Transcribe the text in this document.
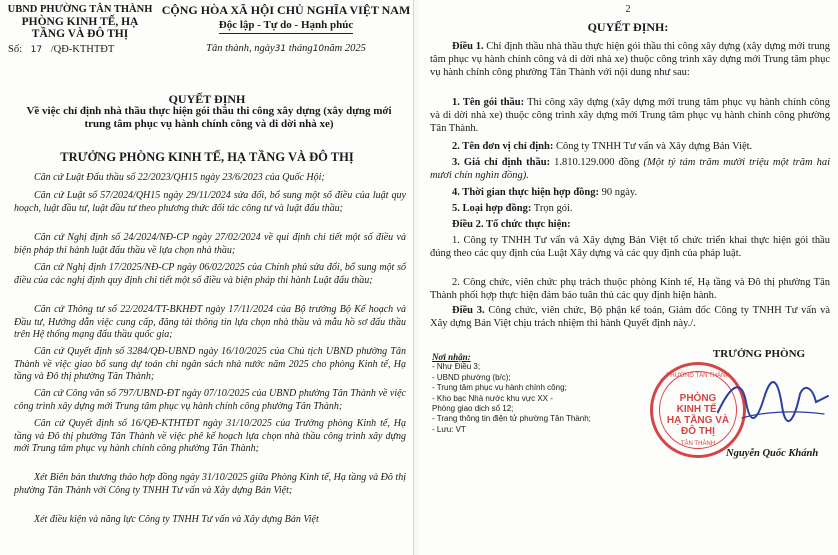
UBND PHƯỜNG TÂN THÀNH
PHÒNG KINH TẾ, HẠ
TẦNG VÀ ĐÔ THỊ
Số: 17 /QĐ-KTHTĐT
CỘNG HÒA XÃ HỘI CHỦ NGHĨA VIỆT NAM
Độc lập - Tự do - Hạnh phúc
Tân thành, ngày31 tháng10năm 2025
QUYẾT ĐỊNH
Về việc chỉ định nhà thầu thực hiện gói thầu thi công xây dựng (xây dựng mới trung tâm phục vụ hành chính công và di dời nhà xe)
TRƯỞNG PHÒNG KINH TẾ, HẠ TẦNG VÀ ĐÔ THỊ
Căn cứ Luật Đấu thầu số 22/2023/QH15 ngày 23/6/2023 của Quốc Hội;
Căn cứ Luật số 57/2024/QH15 ngày 29/11/2024 sửa đổi, bổ sung một số điều của luật quy hoạch, luật đầu tư, luật đầu tư theo phương thức đối tác công tư và luật đấu thầu;
Căn cứ Nghị định số 24/2024/NĐ-CP ngày 27/02/2024 về qui định chi tiết một số điều và biện pháp thi hành luật đấu thầu về lựa chọn nhà thầu;
Căn cứ Nghị định 17/2025/NĐ-CP ngày 06/02/2025 của Chính phủ sửa đổi, bổ sung một số điều của các nghị định quy định chi tiết một số điều và biện pháp thi hành Luật đấu thầu;
Căn cứ Thông tư số 22/2024/TT-BKHĐT ngày 17/11/2024 của Bộ trưởng Bộ Kế hoạch và Đầu tư, Hướng dẫn việc cung cấp, đăng tải thông tin lựa chọn nhà thầu và mẫu hồ sơ đấu thầu trên Hệ thống mạng đấu thầu quốc gia;
Căn cứ Quyết định số 3284/QĐ-UBND ngày 16/10/2025 của Chủ tịch UBND phường Tân Thành về việc giao bổ sung dự toán chi ngân sách nhà nước năm 2025 cho phòng Kinh tế, Hạ tầng và Đô thị phường Tân Thành;
Căn cứ Công văn số 797/UBND-ĐT ngày 07/10/2025 của UBND phường Tân Thành về việc công trình xây dựng mới Trung tâm phục vụ hành chính công phường Tân Thành;
Căn cứ Quyết định số 16/QĐ-KTHTĐT ngày 31/10/2025 của Trưởng phòng Kinh tế, Hạ tầng và Đô thị phường Tân Thành về việc phê kế hoạch lựa chọn nhà thầu công trình xây dựng mới Trung tâm phục vụ hành chính công phường Tân Thành;
Xét Biên bản thương thảo hợp đồng ngày 31/10/2025 giữa Phòng Kinh tế, Hạ tầng và Đô thị phường Tân Thành với Công ty TNHH Tư vấn và Xây dựng Bản Việt;
Xét điều kiện và năng lực Công ty TNHH Tư vấn và Xây dựng Bản Việt
2
QUYẾT ĐỊNH:
Điều 1. Chỉ định thầu nhà thầu thực hiện gói thầu thi công xây dựng (xây dựng mới trung tâm phục vụ hành chính công và di dời nhà xe) thuộc công trình xây dựng mới Trung tâm phục vụ hành chính công phường Tân Thành với nội dung như sau:
1. Tên gói thầu: Thi công xây dựng (xây dựng mới trung tâm phục vụ hành chính công và di dời nhà xe) thuộc công trình xây dựng mới Trung tâm phục vụ hành chính công phường Tân Thành.
2. Tên đơn vị chỉ định: Công ty TNHH Tư vấn và Xây dựng Bản Việt.
3. Giá chỉ định thầu: 1.810.129.000 đồng (Một tỷ tám trăm mười triệu một trăm hai mươi chín nghìn đồng).
4. Thời gian thực hiện hợp đồng: 90 ngày.
5. Loại hợp đồng: Trọn gói.
Điều 2. Tổ chức thực hiện:
1. Công ty TNHH Tư vấn và Xây dựng Bản Việt tổ chức triển khai thực hiện gói thầu đúng theo các quy định của Luật Xây dựng và các quy định của pháp luật.
2. Công chức, viên chức phụ trách thuộc phòng Kinh tế, Hạ tầng và Đô thị phường Tân Thành phối hợp thực hiện đảm bảo tuân thủ các quy định hiện hành.
Điều 3. Công chức, viên chức, Bộ phận kế toán, Giám đốc Công ty TNHH Tư vấn và Xây dựng Bản Việt chịu trách nhiệm thi hành Quyết định này./.
Nơi nhận:
- Như Điều 3;
- UBND phường (b/c);
- Trung tâm phục vụ hành chính công;
- Kho bạc Nhà nước khu vực XX - Phòng giao dịch số 12;
- Trang thông tin điện tử phường Tân Thành;
- Lưu: VT
TRƯỞNG PHÒNG
PHƯỜNG TÂN THÀNH
PHÒNG
KINH TẾ,
HẠ TẦNG VÀ
ĐÔ THỊ
TÂN THÀNH
Nguyễn Quốc Khánh
